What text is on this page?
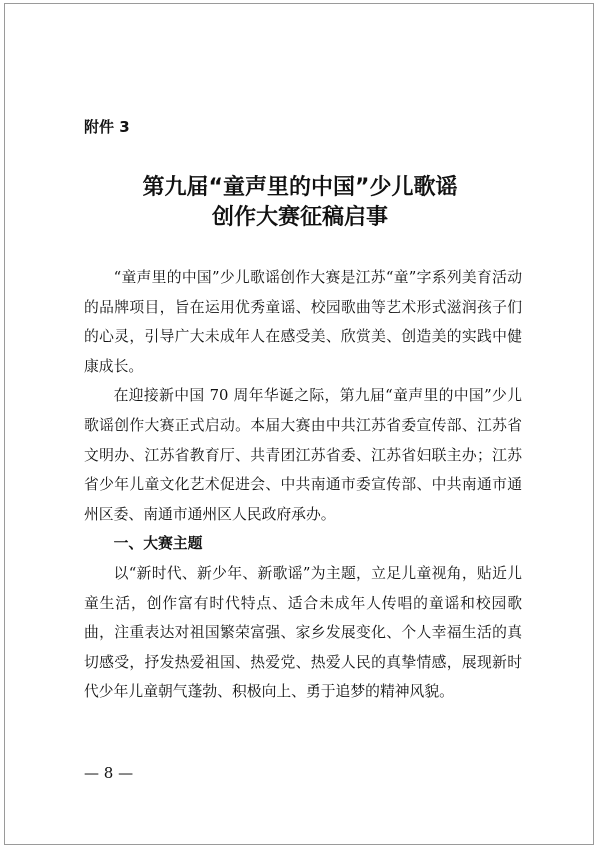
附件 3
第九届“童声里的中国”少儿歌谣
创作大赛征稿启事

“童声里的中国”少儿歌谣创作大赛是江苏“童”字系列美育活动的品牌项目，旨在运用优秀童谣、校园歌曲等艺术形式滋润孩子们的心灵，引导广大未成年人在感受美、欣赏美、创造美的实践中健康成长。

在迎接新中国 70 周年华诞之际，第九届“童声里的中国”少儿歌谣创作大赛正式启动。本届大赛由中共江苏省委宣传部、江苏省文明办、江苏省教育厅、共青团江苏省委、江苏省妇联主办；江苏省少年儿童文化艺术促进会、中共南通市委宣传部、中共南通市通州区委、南通市通州区人民政府承办。

一、大赛主题

以“新时代、新少年、新歌谣”为主题，立足儿童视角，贴近儿童生活，创作富有时代特点、适合未成年人传唱的童谣和校园歌曲，注重表达对祖国繁荣富强、家乡发展变化、个人幸福生活的真切感受，抒发热爱祖国、热爱党、热爱人民的真挚情感，展现新时代少年儿童朝气蓬勃、积极向上、勇于追梦的精神风貌。

— 8 —
